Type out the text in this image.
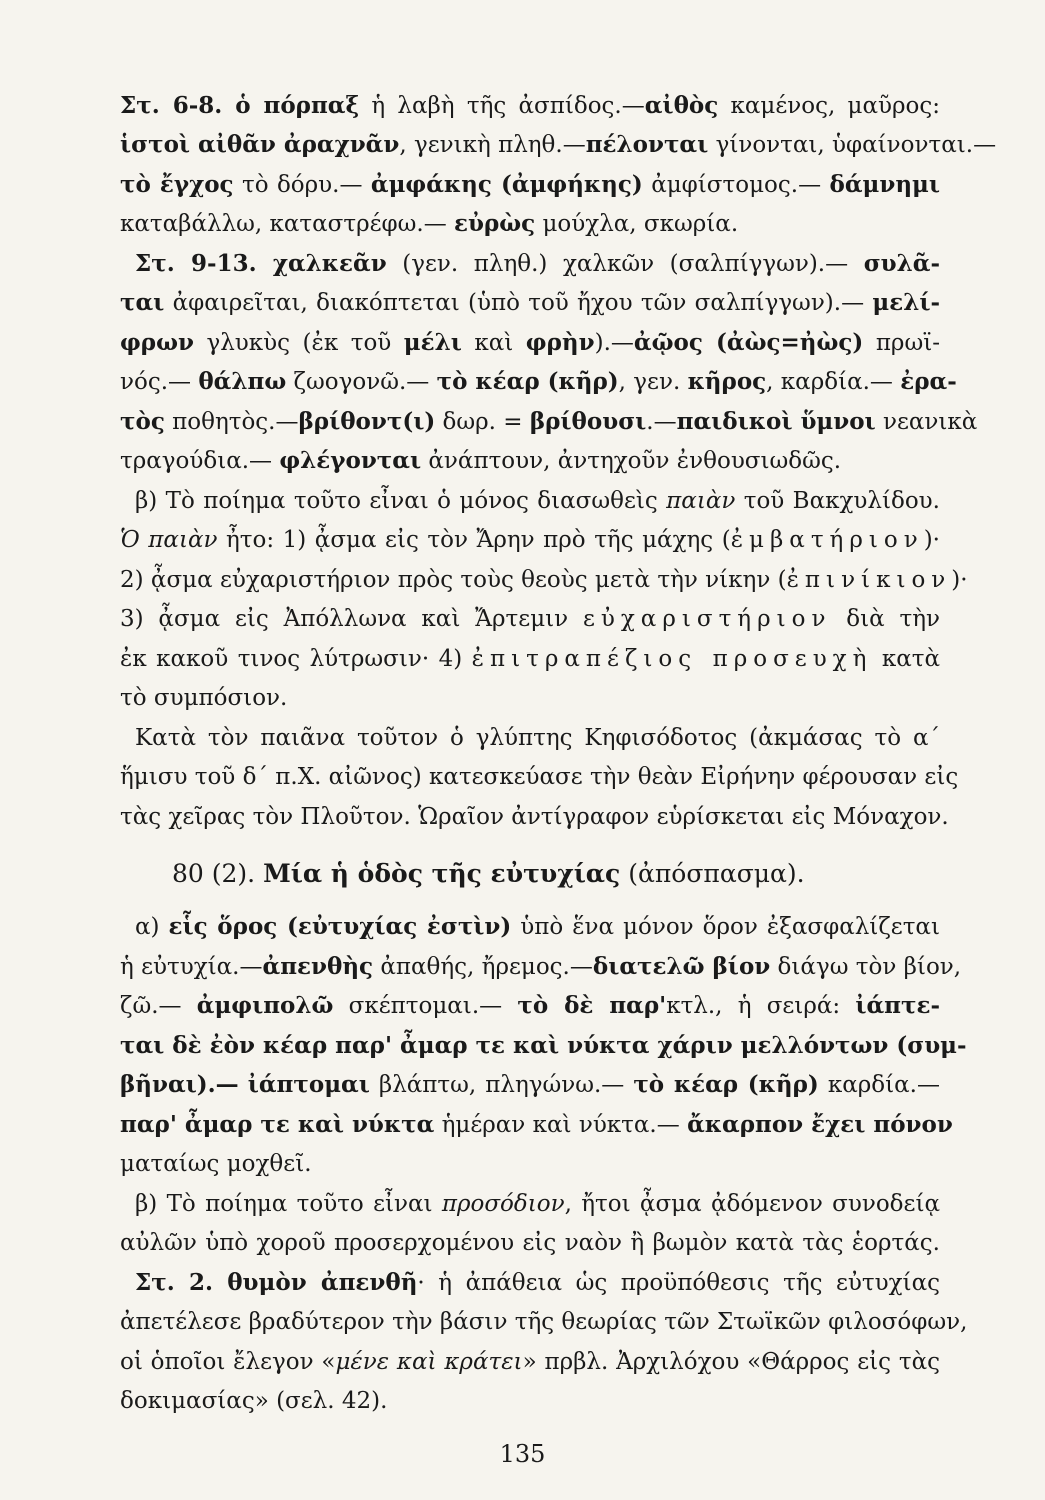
Στ. 6-8. ὁ πόρπαξ ἡ λαβὴ τῆς ἀσπίδος.—αἰθὸς καμένος, μαῦρος:
ἱστοὶ αἰθᾶν ἀραχνᾶν, γενικὴ πληθ.—πέλονται γίνονται, ὑφαίνονται.—
τὸ ἔγχος τὸ δόρυ.— ἀμφάκης (ἀμφήκης) ἀμφίστομος.— δάμνημι
καταβάλλω, καταστρέφω.— εὐρὼς μούχλα, σκωρία.
Στ. 9-13. χαλκεᾶν (γεν. πληθ.) χαλκῶν (σαλπίγγων).— συλᾶ-
ται ἀφαιρεῖται, διακόπτεται (ὑπὸ τοῦ ἤχου τῶν σαλπίγγων).— μελί-
φρων γλυκὺς (ἐκ τοῦ μέλι καὶ φρὴν).—ἀῷος (ἀὼς=ἠὼς) πρωϊ-
νός.— θάλπω ζωογονῶ.— τὸ κέαρ (κῆρ), γεν. κῆρος, καρδία.— ἐρα-
τὸς ποθητὸς.—βρίθοντ(ι) δωρ. = βρίθουσι.—παιδικοὶ ὕμνοι νεανικὰ
τραγούδια.— φλέγονται ἀνάπτουν, ἀντηχοῦν ἐνθουσιωδῶς.
β) Τὸ ποίημα τοῦτο εἶναι ὁ μόνος διασωθεὶς παιὰν τοῦ Βακχυλίδου.
Ὁ παιὰν ἦτο: 1) ᾆσμα εἰς τὸν Ἄρην πρὸ τῆς μάχης (ἐμβατήριον)·
2) ᾆσμα εὐχαριστήριον πρὸς τοὺς θεοὺς μετὰ τὴν νίκην (ἐπινίκιον)·
3) ᾆσμα εἰς Ἀπόλλωνα καὶ Ἄρτεμιν εὐχαριστήριον διὰ τὴν
ἐκ κακοῦ τινος λύτρωσιν· 4) ἐπιτραπέζιος προσευχὴ κατὰ
τὸ συμπόσιον.
Κατὰ τὸν παιᾶνα τοῦτον ὁ γλύπτης Κηφισόδοτος (ἀκμάσας τὸ α΄
ἥμισυ τοῦ δ΄ π.Χ. αἰῶνος) κατεσκεύασε τὴν θεὰν Εἰρήνην φέρουσαν εἰς
τὰς χεῖρας τὸν Πλοῦτον. Ὡραῖον ἀντίγραφον εὑρίσκεται εἰς Μόναχον.
80 (2). Μία ἡ ὁδὸς τῆς εὐτυχίας (ἀπόσπασμα).
α) εἷς ὅρος (εὐτυχίας ἐστὶν) ὑπὸ ἕνα μόνον ὅρον ἐξασφαλίζεται
ἡ εὐτυχία.—ἀπενθὴς ἀπαθής, ἤρεμος.—διατελῶ βίον διάγω τὸν βίον,
ζῶ.— ἀμφιπολῶ σκέπτομαι.— τὸ δὲ παρ'κτλ., ἡ σειρά: ἰάπτε-
ται δὲ ἐὸν κέαρ παρ' ἆμαρ τε καὶ νύκτα χάριν μελλόντων (συμ-
βῆναι).— ἰάπτομαι βλάπτω, πληγώνω.— τὸ κέαρ (κῆρ) καρδία.—
παρ' ἆμαρ τε καὶ νύκτα ἡμέραν καὶ νύκτα.— ἄκαρπον ἔχει πόνον
ματαίως μοχθεῖ.
β) Τὸ ποίημα τοῦτο εἶναι προσόδιον, ἤτοι ᾆσμα ᾀδόμενον συνοδείᾳ
αὐλῶν ὑπὸ χοροῦ προσερχομένου εἰς ναὸν ἢ βωμὸν κατὰ τὰς ἑορτάς.
Στ. 2. θυμὸν ἀπενθῆ· ἡ ἀπάθεια ὡς προϋπόθεσις τῆς εὐτυχίας
ἀπετέλεσε βραδύτερον τὴν βάσιν τῆς θεωρίας τῶν Στωϊκῶν φιλοσόφων,
οἱ ὁποῖοι ἔλεγον «μένε καὶ κράτει» πρβλ. Ἀρχιλόχου «Θάρρος εἰς τὰς
δοκιμασίας» (σελ. 42).
135
